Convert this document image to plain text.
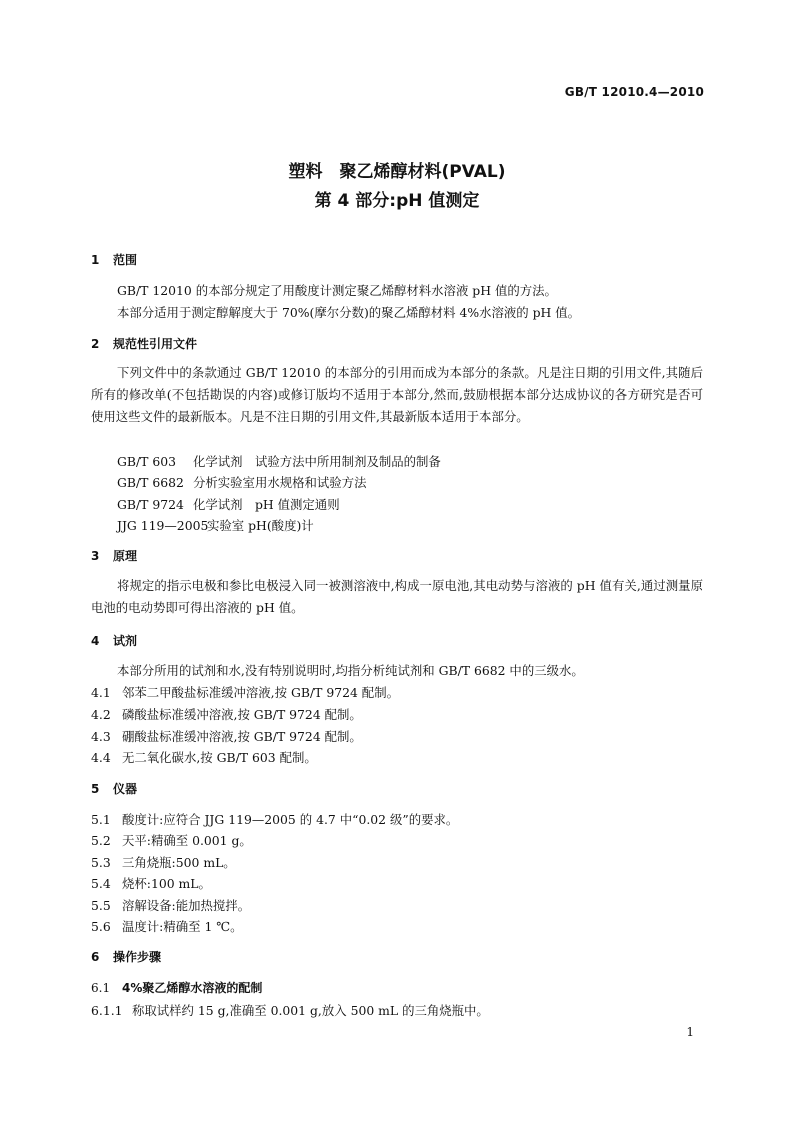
GB/T 12010.4—2010
塑料　聚乙烯醇材料(PVAL)
第 4 部分:pH 值测定
1 范围
GB/T 12010 的本部分规定了用酸度计测定聚乙烯醇材料水溶液 pH 值的方法。
本部分适用于测定醇解度大于 70%(摩尔分数)的聚乙烯醇材料 4%水溶液的 pH 值。
2 规范性引用文件
下列文件中的条款通过 GB/T 12010 的本部分的引用而成为本部分的条款。凡是注日期的引用文件,其随后所有的修改单(不包括勘误的内容)或修订版均不适用于本部分,然而,鼓励根据本部分达成协议的各方研究是否可使用这些文件的最新版本。凡是不注日期的引用文件,其最新版本适用于本部分。
GB/T 603 化学试剂　试验方法中所用制剂及制品的制备
GB/T 6682 分析实验室用水规格和试验方法
GB/T 9724 化学试剂　pH 值测定通则
JJG 119—2005实验室 pH(酸度)计
3 原理
将规定的指示电极和参比电极浸入同一被测溶液中,构成一原电池,其电动势与溶液的 pH 值有关,通过测量原电池的电动势即可得出溶液的 pH 值。
4 试剂
本部分所用的试剂和水,没有特别说明时,均指分析纯试剂和 GB/T 6682 中的三级水。
4.1 邻苯二甲酸盐标准缓冲溶液,按 GB/T 9724 配制。
4.2 磷酸盐标准缓冲溶液,按 GB/T 9724 配制。
4.3 硼酸盐标准缓冲溶液,按 GB/T 9724 配制。
4.4 无二氧化碳水,按 GB/T 603 配制。
5 仪器
5.1 酸度计:应符合 JJG 119—2005 的 4.7 中“0.02 级”的要求。
5.2 天平:精确至 0.001 g。
5.3 三角烧瓶:500 mL。
5.4 烧杯:100 mL。
5.5 溶解设备:能加热搅拌。
5.6 温度计:精确至 1 ℃。
6 操作步骤
6.1 4%聚乙烯醇水溶液的配制
6.1.1 称取试样约 15 g,准确至 0.001 g,放入 500 mL 的三角烧瓶中。
1
